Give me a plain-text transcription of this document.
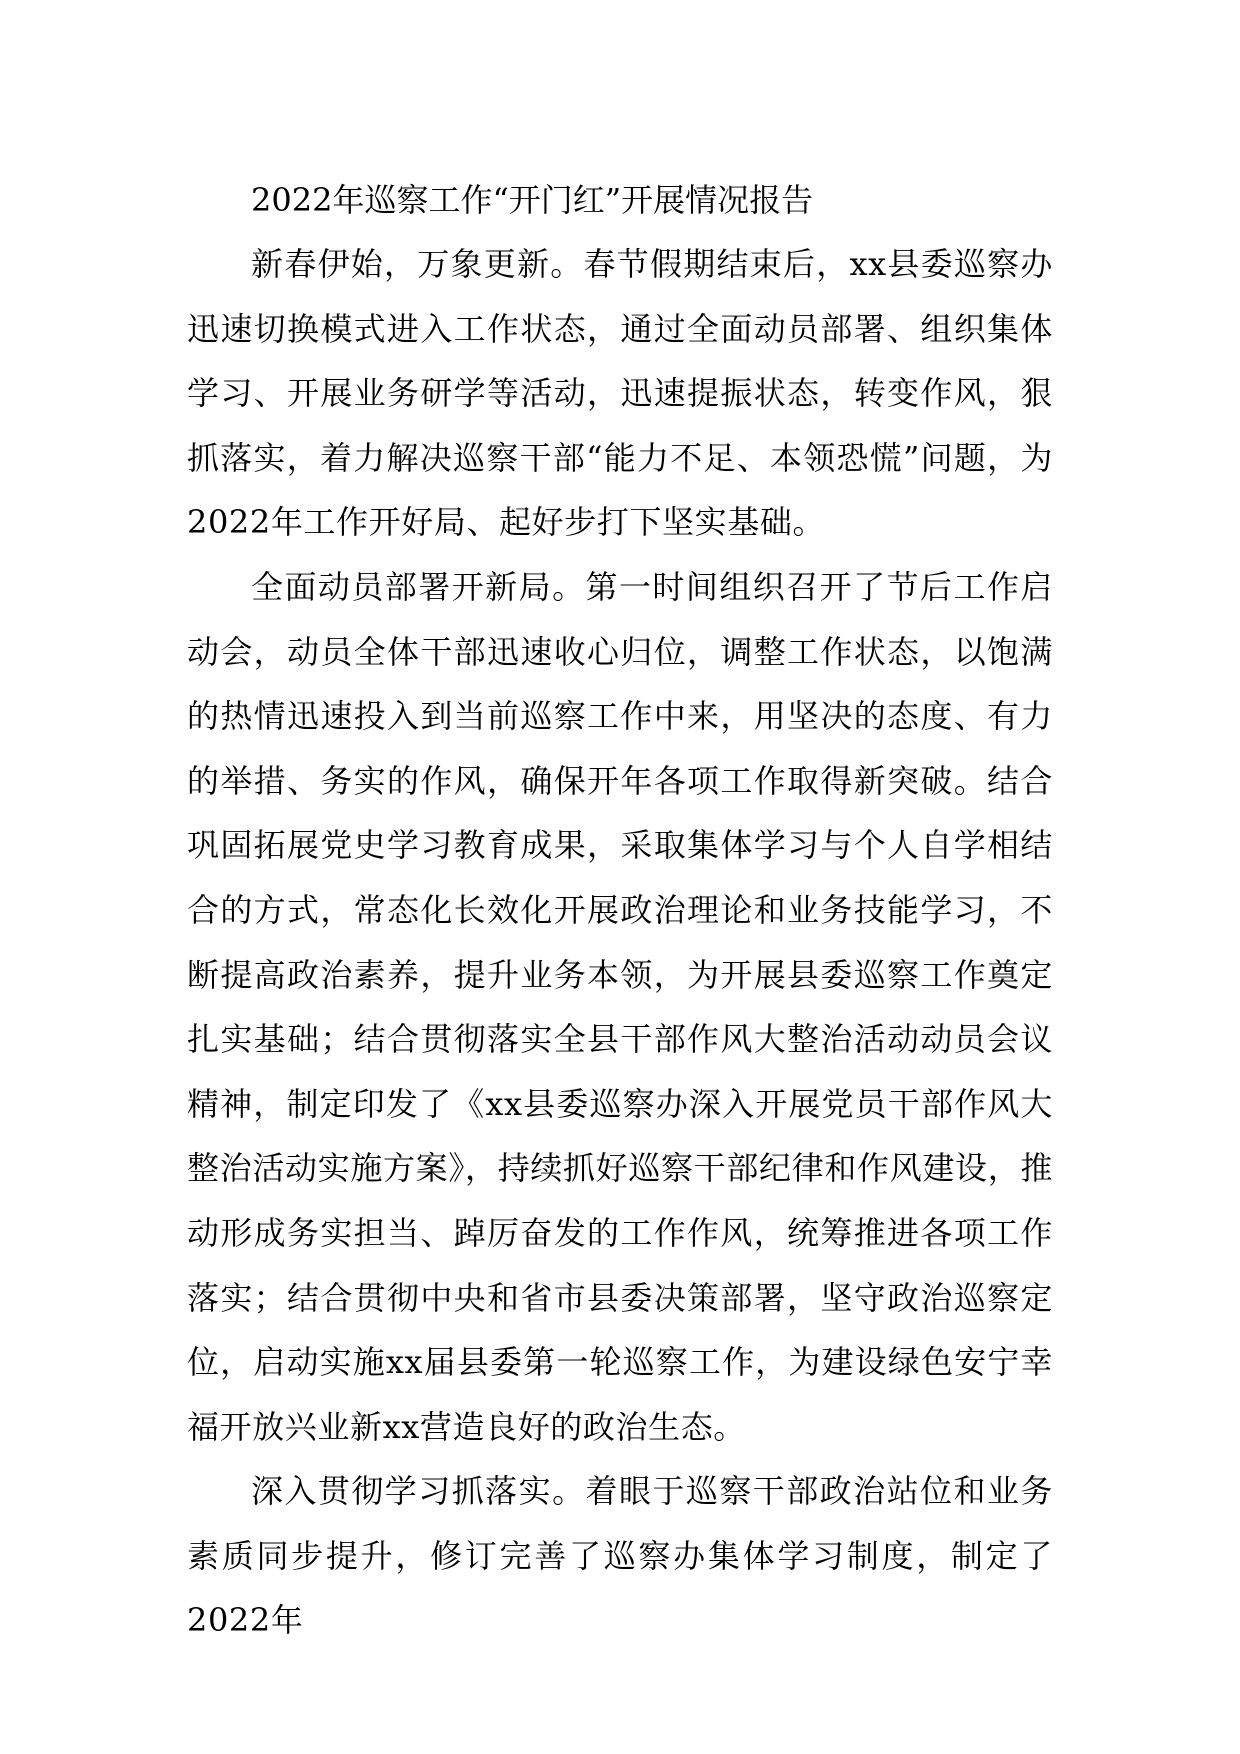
2022年巡察工作“开门红”开展情况报告

新春伊始，万象更新。春节假期结束后，xx县委巡察办迅速切换模式进入工作状态，通过全面动员部署、组织集体学习、开展业务研学等活动，迅速提振状态，转变作风，狠抓落实，着力解决巡察干部“能力不足、本领恐慌”问题，为2022年工作开好局、起好步打下坚实基础。

全面动员部署开新局。第一时间组织召开了节后工作启动会，动员全体干部迅速收心归位，调整工作状态，以饱满的热情迅速投入到当前巡察工作中来，用坚决的态度、有力的举措、务实的作风，确保开年各项工作取得新突破。结合巩固拓展党史学习教育成果，采取集体学习与个人自学相结合的方式，常态化长效化开展政治理论和业务技能学习，不断提高政治素养，提升业务本领，为开展县委巡察工作奠定扎实基础；结合贯彻落实全县干部作风大整治活动动员会议精神，制定印发了《xx县委巡察办深入开展党员干部作风大整治活动实施方案》，持续抓好巡察干部纪律和作风建设，推动形成务实担当、踔厉奋发的工作作风，统筹推进各项工作落实；结合贯彻中央和省市县委决策部署，坚守政治巡察定位，启动实施xx届县委第一轮巡察工作，为建设绿色安宁幸福开放兴业新xx营造良好的政治生态。

深入贯彻学习抓落实。着眼于巡察干部政治站位和业务素质同步提升，修订完善了巡察办集体学习制度，制定了2022年
